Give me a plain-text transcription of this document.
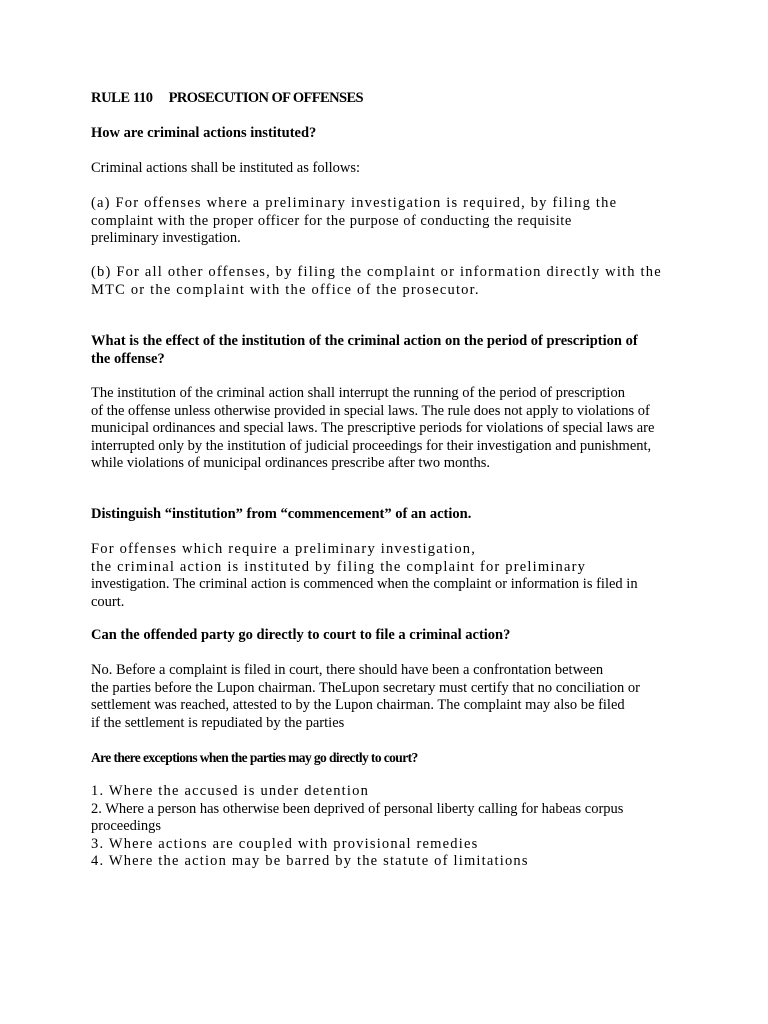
RULE 110 PROSECUTION OF OFFENSES
How are criminal actions instituted?
Criminal actions shall be instituted as follows:
(a) For offenses where a preliminary investigation is required, by filing the
complaint with the proper officer for the purpose of conducting the requisite
preliminary investigation.
(b) For all other offenses, by filing the complaint or information directly with the
MTC or the complaint with the office of the prosecutor.
What is the effect of the institution of the criminal action on the period of prescription of
the offense?
The institution of the criminal action shall interrupt the running of the period of prescription
of the offense unless otherwise provided in special laws. The rule does not apply to violations of
municipal ordinances and special laws. The prescriptive periods for violations of special laws are
interrupted only by the institution of judicial proceedings for their investigation and punishment,
while violations of municipal ordinances prescribe after two months.
Distinguish “institution” from “commencement” of an action.
For offenses which require a preliminary investigation,
the criminal action is instituted by filing the complaint for preliminary
investigation. The criminal action is commenced when the complaint or information is filed in
court.
Can the offended party go directly to court to file a criminal action?
No. Before a complaint is filed in court, there should have been a confrontation between
the parties before the Lupon chairman. TheLupon secretary must certify that no conciliation or
settlement was reached, attested to by the Lupon chairman. The complaint may also be filed
if the settlement is repudiated by the parties
Are there exceptions when the parties may go directly to court?
1. Where the accused is under detention
2. Where a person has otherwise been deprived of personal liberty calling for habeas corpus
proceedings
3. Where actions are coupled with provisional remedies
4. Where the action may be barred by the statute of limitations
